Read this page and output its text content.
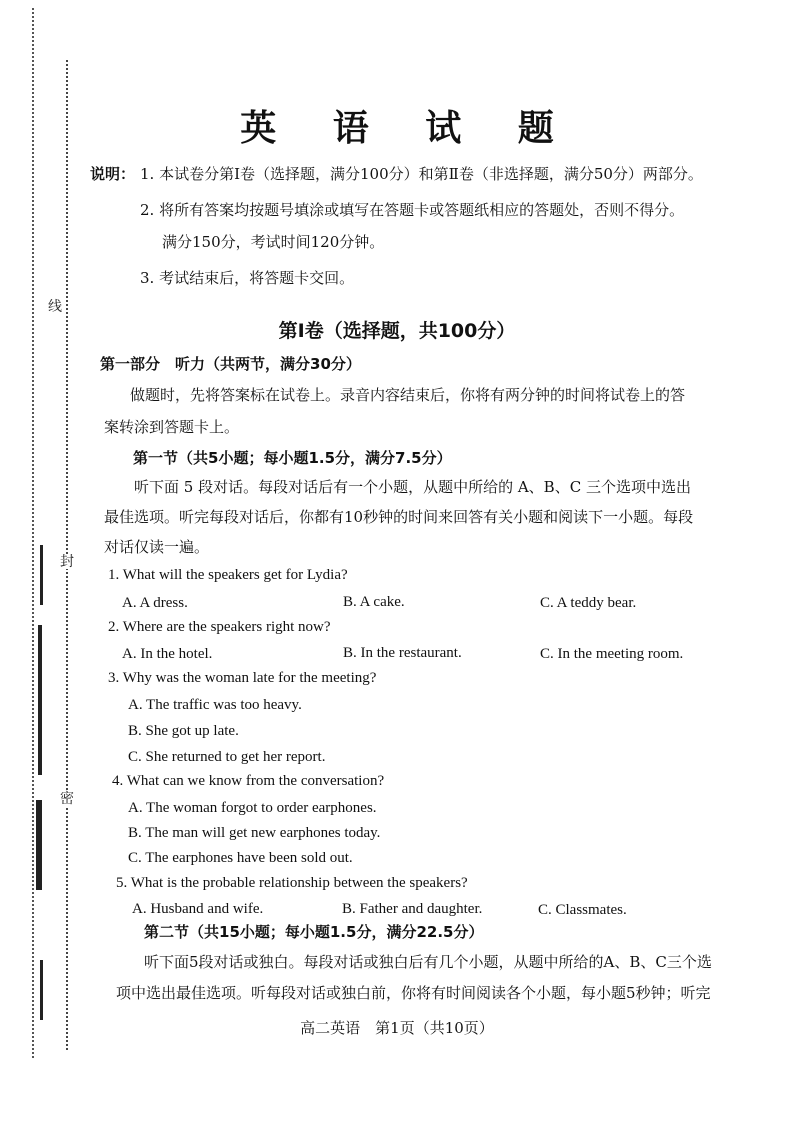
线
封
密
英 语 试 题
说明： 1. 本试卷分第Ⅰ卷（选择题，满分100分）和第Ⅱ卷（非选择题，满分50分）两部分。
2. 将所有答案均按题号填涂或填写在答题卡或答题纸相应的答题处，否则不得分。
满分150分，考试时间120分钟。
3. 考试结束后，将答题卡交回。
第Ⅰ卷（选择题，共100分）
第一部分　听力（共两节，满分30分）
做题时，先将答案标在试卷上。录音内容结束后，你将有两分钟的时间将试卷上的答
案转涂到答题卡上。
第一节（共5小题；每小题1.5分，满分7.5分）
听下面 5 段对话。每段对话后有一个小题，从题中所给的 A、B、C 三个选项中选出
最佳选项。听完每段对话后，你都有10秒钟的时间来回答有关小题和阅读下一小题。每段
对话仅读一遍。
1. What will the speakers get for Lydia?
A. A dress.	B. A cake.	C. A teddy bear.
2. Where are the speakers right now?
A. In the hotel.	B. In the restaurant.	C. In the meeting room.
3. Why was the woman late for the meeting?
A. The traffic was too heavy.
B. She got up late.
C. She returned to get her report.
4. What can we know from the conversation?
A. The woman forgot to order earphones.
B. The man will get new earphones today.
C. The earphones have been sold out.
5. What is the probable relationship between the speakers?
A. Husband and wife.	B. Father and daughter.	C. Classmates.
第二节（共15小题；每小题1.5分，满分22.5分）
听下面5段对话或独白。每段对话或独白后有几个小题，从题中所给的A、B、C三个选
项中选出最佳选项。听每段对话或独白前，你将有时间阅读各个小题，每小题5秒钟；听完
高二英语　第1页（共10页）
